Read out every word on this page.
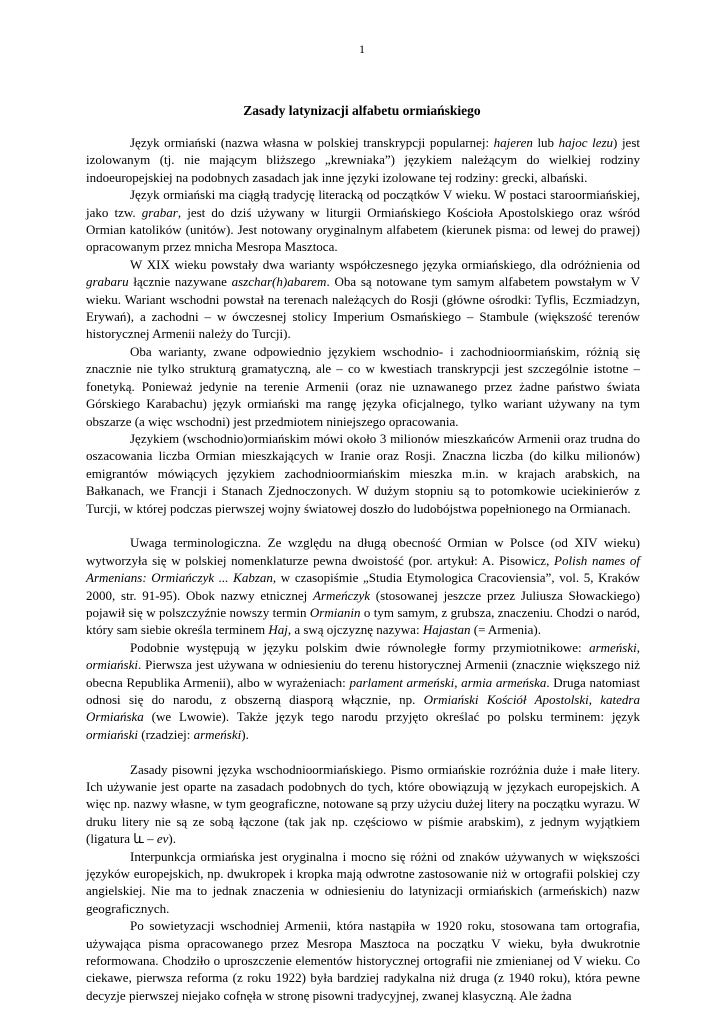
1
Zasady latynizacji alfabetu ormiańskiego

Język ormiański (nazwa własna w polskiej transkrypcji popularnej: hajeren lub hajoc lezu) jest izolowanym (tj. nie mającym bliższego „krewniaka”) językiem należącym do wielkiej rodziny indoeuropejskiej na podobnych zasadach jak inne języki izolowane tej rodziny: grecki, albański.

Język ormiański ma ciągłą tradycję literacką od początków V wieku. W postaci staroormiańskiej, jako tzw. grabar, jest do dziś używany w liturgii Ormiańskiego Kościoła Apostolskiego oraz wśród Ormian katolików (unitów). Jest notowany oryginalnym alfabetem (kierunek pisma: od lewej do prawej) opracowanym przez mnicha Mesropa Masztoca.

W XIX wieku powstały dwa warianty współczesnego języka ormiańskiego, dla odróżnienia od grabaru łącznie nazywane aszchar(h)abarem. Oba są notowane tym samym alfabetem powstałym w V wieku. Wariant wschodni powstał na terenach należących do Rosji (główne ośrodki: Tyflis, Eczmiadzyn, Erywań), a zachodni – w ówczesnej stolicy Imperium Osmańskiego – Stambule (większość terenów historycznej Armenii należy do Turcji).

Oba warianty, zwane odpowiednio językiem wschodnio- i zachodnioormiańskim, różnią się znacznie nie tylko strukturą gramatyczną, ale – co w kwestiach transkrypcji jest szczególnie istotne – fonetyką. Ponieważ jedynie na terenie Armenii (oraz nie uznawanego przez żadne państwo świata Górskiego Karabachu) język ormiański ma rangę języka oficjalnego, tylko wariant używany na tym obszarze (a więc wschodni) jest przedmiotem niniejszego opracowania.

Językiem (wschodnio)ormiańskim mówi około 3 milionów mieszkańców Armenii oraz trudna do oszacowania liczba Ormian mieszkających w Iranie oraz Rosji. Znaczna liczba (do kilku milionów) emigrantów mówiących językiem zachodnioormiańskim mieszka m.in. w krajach arabskich, na Bałkanach, we Francji i Stanach Zjednoczonych. W dużym stopniu są to potomkowie uciekinierów z Turcji, w której podczas pierwszej wojny światowej doszło do ludobójstwa popełnionego na Ormianach.

Uwaga terminologiczna. Ze względu na długą obecność Ormian w Polsce (od XIV wieku) wytworzyła się w polskiej nomenklaturze pewna dwoistość (por. artykuł: A. Pisowicz, Polish names of Armenians: Ormiańczyk ... Kabzan, w czasopiśmie „Studia Etymologica Cracoviensia”, vol. 5, Kraków 2000, str. 91-95). Obok nazwy etnicznej Armeńczyk (stosowanej jeszcze przez Juliusza Słowackiego) pojawił się w polszczyźnie nowszy termin Ormianin o tym samym, z grubsza, znaczeniu. Chodzi o naród, który sam siebie określa terminem Haj, a swą ojczyznę nazywa: Hajastan (= Armenia).

Podobnie występują w języku polskim dwie równoległe formy przymiotnikowe: armeński, ormiański. Pierwsza jest używana w odniesieniu do terenu historycznej Armenii (znacznie większego niż obecna Republika Armenii), albo w wyrażeniach: parlament armeński, armia armeńska. Druga natomiast odnosi się do narodu, z obszerną diasporą włącznie, np. Ormiański Kościół Apostolski, katedra Ormiańska (we Lwowie). Także język tego narodu przyjęto określać po polsku terminem: język ormiański (rzadziej: armeński).

Zasady pisowni języka wschodnioormiańskiego. Pismo ormiańskie rozróżnia duże i małe litery. Ich używanie jest oparte na zasadach podobnych do tych, które obowiązują w językach europejskich. A więc np. nazwy własne, w tym geograficzne, notowane są przy użyciu dużej litery na początku wyrazu. W druku litery nie są ze sobą łączone (tak jak np. częściowo w piśmie arabskim), z jednym wyjątkiem (ligatura և – ev).

Interpunkcja ormiańska jest oryginalna i mocno się różni od znaków używanych w większości języków europejskich, np. dwukropek i kropka mają odwrotne zastosowanie niż w ortografii polskiej czy angielskiej. Nie ma to jednak znaczenia w odniesieniu do latynizacji ormiańskich (armeńskich) nazw geograficznych.

Po sowietyzacji wschodniej Armenii, która nastąpiła w 1920 roku, stosowana tam ortografia, używająca pisma opracowanego przez Mesropa Masztoca na początku V wieku, była dwukrotnie reformowana. Chodziło o uproszczenie elementów historycznej ortografii nie zmienianej od V wieku. Co ciekawe, pierwsza reforma (z roku 1922) była bardziej radykalna niż druga (z 1940 roku), która pewne decyzje pierwszej niejako cofnęła w stronę pisowni tradycyjnej, zwanej klasyczną. Ale żadna
